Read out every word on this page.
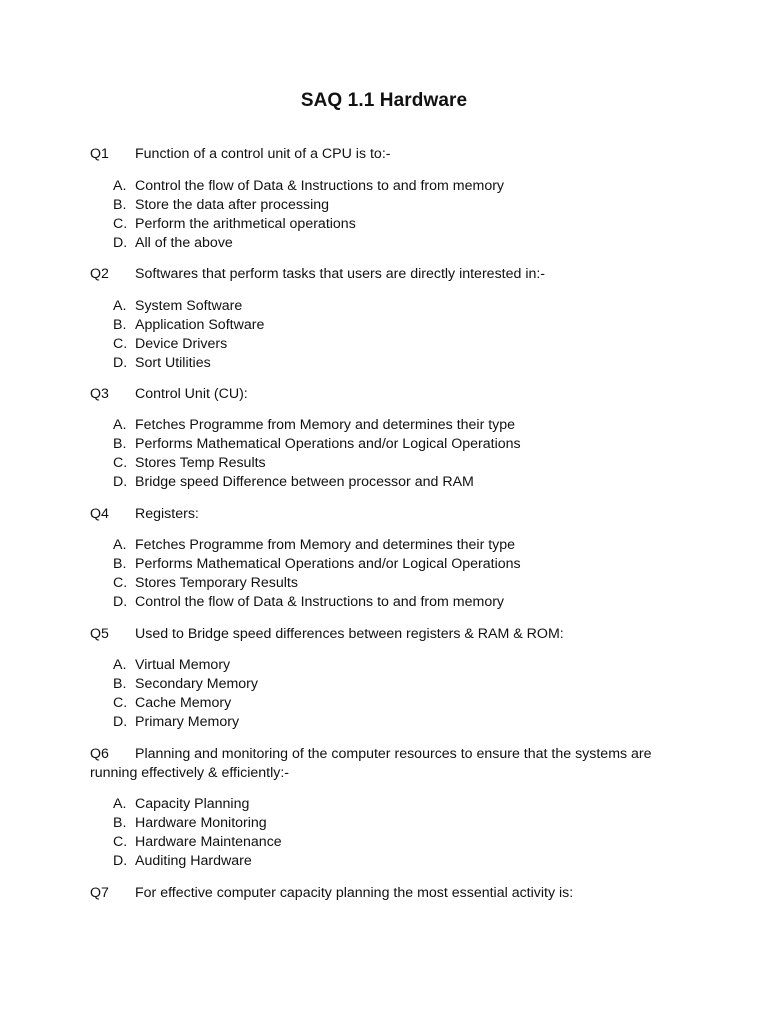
SAQ 1.1 Hardware
Q1 Function of a control unit of a CPU is to:-
A. Control the flow of Data & Instructions to and from memory
B. Store the data after processing
C. Perform the arithmetical operations
D. All of the above
Q2 Softwares that perform tasks that users are directly interested in:-
A. System Software
B. Application Software
C. Device Drivers
D. Sort Utilities
Q3 Control Unit (CU):
A. Fetches Programme from Memory and determines their type
B. Performs Mathematical Operations and/or Logical Operations
C. Stores Temp Results
D. Bridge speed Difference between processor and RAM
Q4 Registers:
A. Fetches Programme from Memory and determines their type
B. Performs Mathematical Operations and/or Logical Operations
C. Stores Temporary Results
D. Control the flow of Data & Instructions to and from memory
Q5 Used to Bridge speed differences between registers & RAM & ROM:
A. Virtual Memory
B. Secondary Memory
C. Cache Memory
D. Primary Memory
Q6 Planning and monitoring of the computer resources to ensure that the systems are
running effectively & efficiently:-
A. Capacity Planning
B. Hardware Monitoring
C. Hardware Maintenance
D. Auditing Hardware
Q7 For effective computer capacity planning the most essential activity is:
